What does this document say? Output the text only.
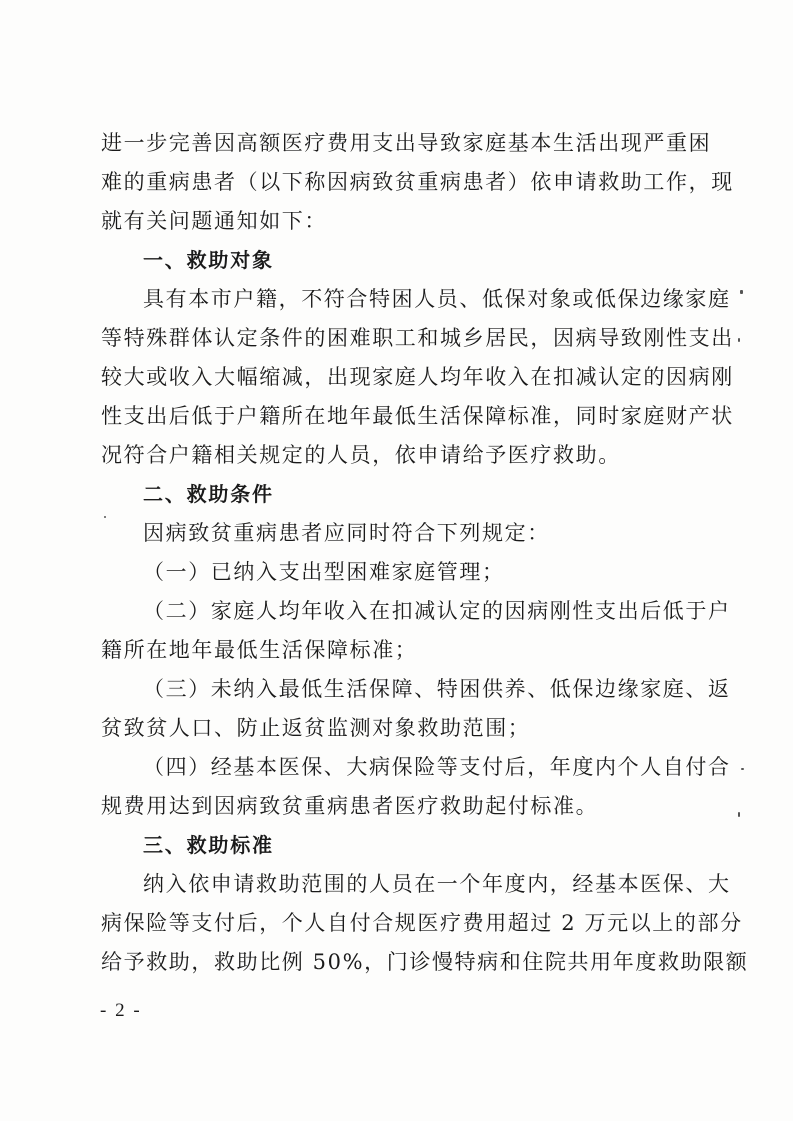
进一步完善因高额医疗费用支出导致家庭基本生活出现严重困
难的重病患者（以下称因病致贫重病患者）依申请救助工作，现
就有关问题通知如下：
一、救助对象
具有本市户籍，不符合特困人员、低保对象或低保边缘家庭
等特殊群体认定条件的困难职工和城乡居民，因病导致刚性支出
较大或收入大幅缩减，出现家庭人均年收入在扣减认定的因病刚
性支出后低于户籍所在地年最低生活保障标准，同时家庭财产状
况符合户籍相关规定的人员，依申请给予医疗救助。
二、救助条件
因病致贫重病患者应同时符合下列规定：
（一）已纳入支出型困难家庭管理；
（二）家庭人均年收入在扣减认定的因病刚性支出后低于户
籍所在地年最低生活保障标准；
（三）未纳入最低生活保障、特困供养、低保边缘家庭、返
贫致贫人口、防止返贫监测对象救助范围；
（四）经基本医保、大病保险等支付后，年度内个人自付合
规费用达到因病致贫重病患者医疗救助起付标准。
三、救助标准
纳入依申请救助范围的人员在一个年度内，经基本医保、大
病保险等支付后，个人自付合规医疗费用超过 2 万元以上的部分
给予救助，救助比例 50%，门诊慢特病和住院共用年度救助限额
- 2 -
